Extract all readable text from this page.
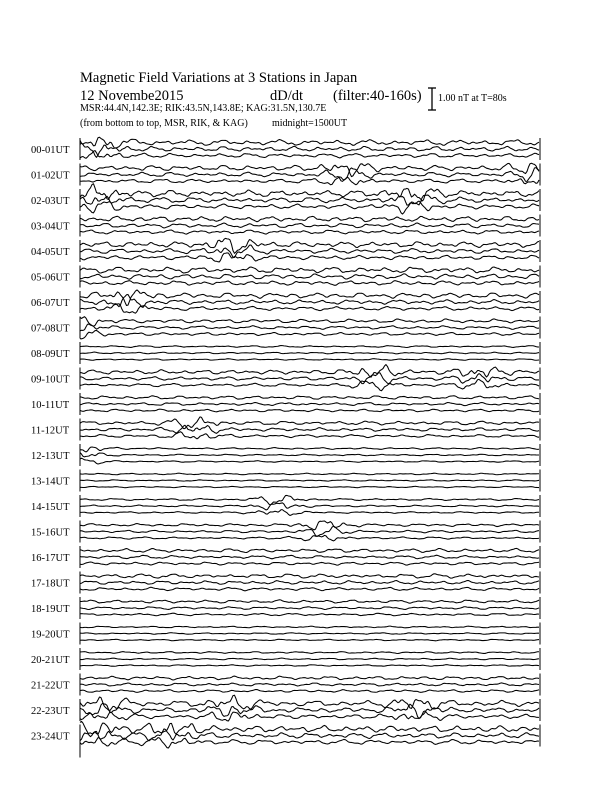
Magnetic Field Variations at 3 Stations in Japan
12 Novembe2015	dD/dt (filter:40-160s)
MSR:44.4N,142.3E; RIK:43.5N,143.8E; KAG:31.5N,130.7E
(from bottom to top, MSR, RIK, & KAG) midnight=1500UT
1.00 nT at T=80s
00-01UT
01-02UT
02-03UT
03-04UT
04-05UT
05-06UT
06-07UT
07-08UT
08-09UT
09-10UT
10-11UT
11-12UT
12-13UT
13-14UT
14-15UT
15-16UT
16-17UT
17-18UT
18-19UT
19-20UT
20-21UT
21-22UT
22-23UT
23-24UT
